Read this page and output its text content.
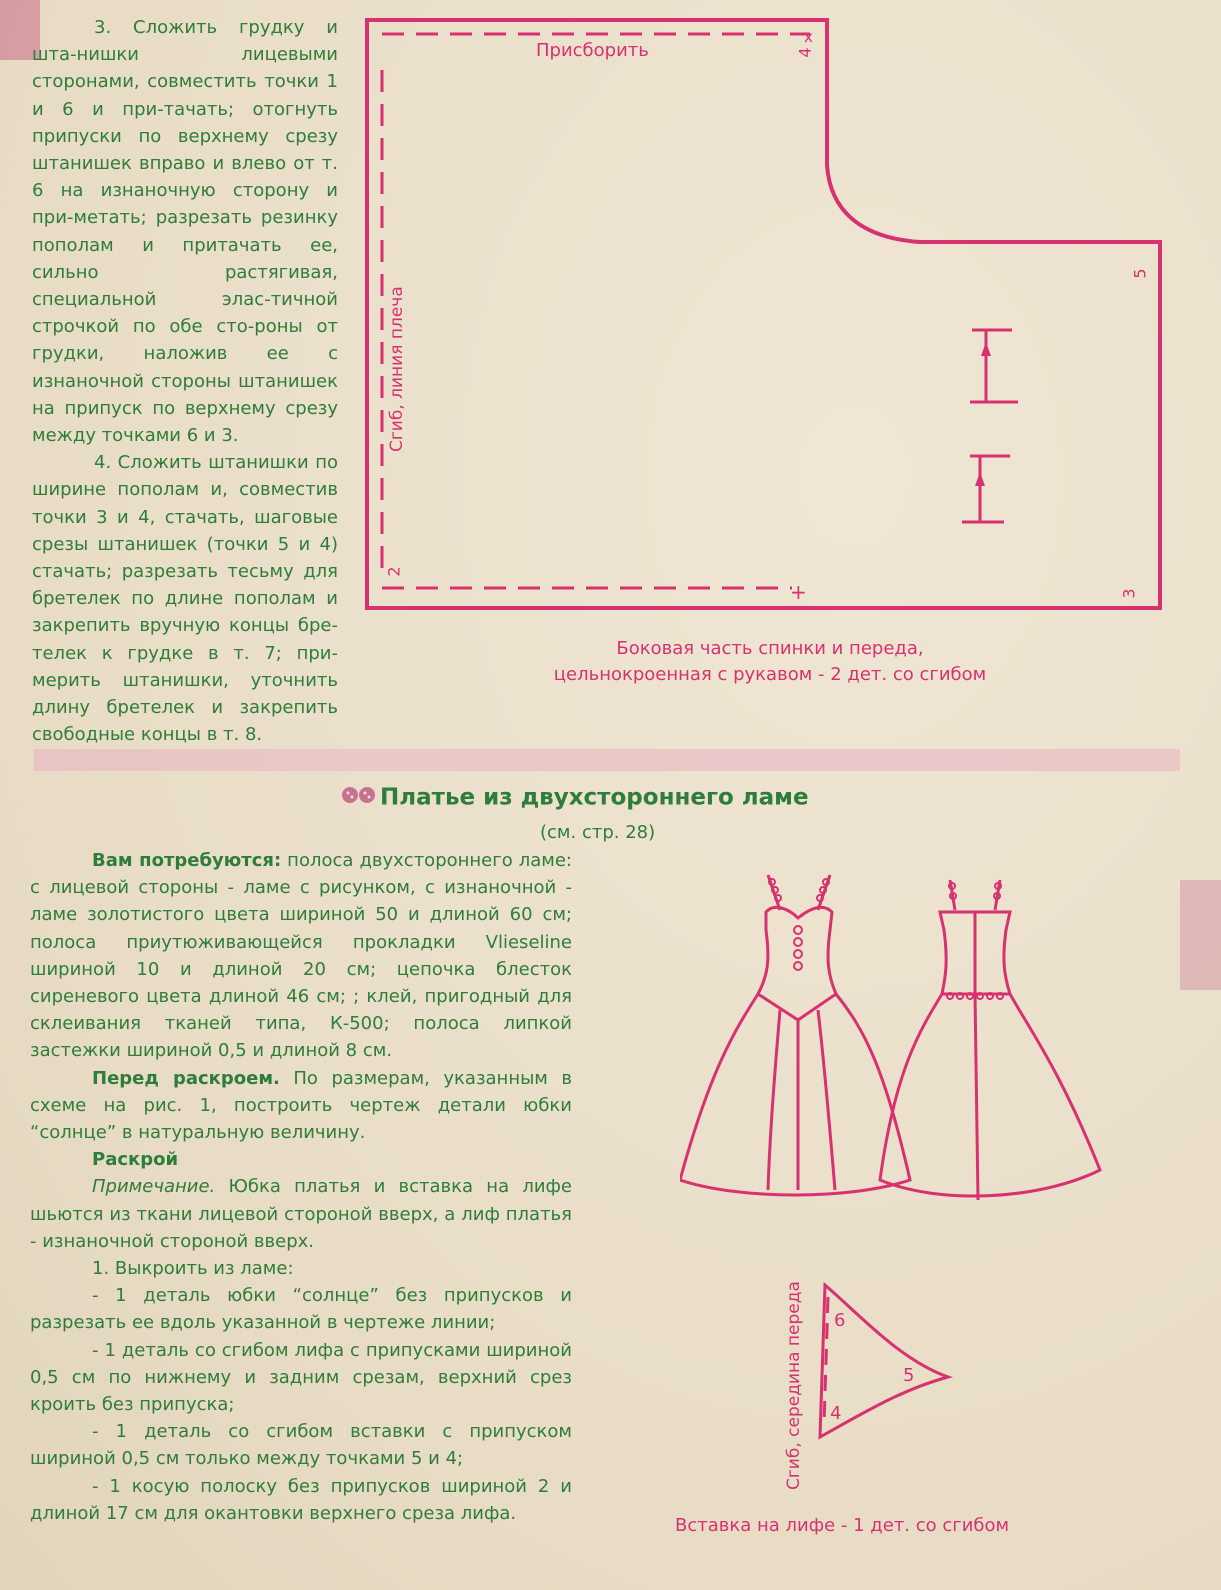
3. Сложить грудку и шта-нишки лицевыми сторонами, совместить точки 1 и 6 и при-тачать; отогнуть припуски по верхнему срезу штанишек вправо и влево от т. 6 на изнаночную сторону и при-метать; разрезать резинку пополам и притачать ее, сильно растягивая, специальной элас-тичной строчкой по обе сто-роны от грудки, наложив ее с изнаночной стороны штанишек на припуск по верхнему срезу между точками 6 и 3.

4. Сложить штанишки по ширине пополам и, совместив точки 3 и 4, стачать, шаговые срезы штанишек (точки 5 и 4) стачать; разрезать тесьму для бретелек по длине пополам и закрепить вручную концы бре-телек к грудке в т. 7; при-мерить штанишки, уточнить длину бретелек и закрепить свободные концы в т. 8.

Присборить
Сгиб, линия плеча
4
x
5
2
3
+
Боковая часть спинки и переда,
цельнокроенная с рукавом - 2 дет. со сгибом
Платье из двухстороннего ламе
(см. стр. 28)

Вам потребуются: полоса двухстороннего ламе: с лицевой стороны - ламе с рисунком, с изнаночной - ламе золотистого цвета шириной 50 и длиной 60 см; полоса приутюживающейся прокладки Vlieseline шириной 10 и длиной 20 см; цепочка блесток сиреневого цвета длиной 46 см; ; клей, пригодный для склеивания тканей типа, К-500; полоса липкой застежки шириной 0,5 и длиной 8 см.

Перед раскроем. По размерам, указанным в схеме на рис. 1, построить чертеж детали юбки “солнце” в натуральную величину.

Раскрой

Примечание. Юбка платья и вставка на лифе шьются из ткани лицевой стороной вверх, а лиф платья - изнаночной стороной вверх.

1. Выкроить из ламе:

- 1 деталь юбки “солнце” без припусков и разрезать ее вдоль указанной в чертеже линии;

- 1 деталь со сгибом лифа с припусками шириной 0,5 см по нижнему и задним срезам, верхний срез кроить без припуска;

- 1 деталь со сгибом вставки с припуском шириной 0,5 см только между точками 5 и 4;

- 1 косую полоску без припусков шириной 2 и длиной 17 см для окантовки верхнего среза лифа.

Сгиб, середина переда 6
5
4
Вставка на лифе - 1 дет. со сгибом
